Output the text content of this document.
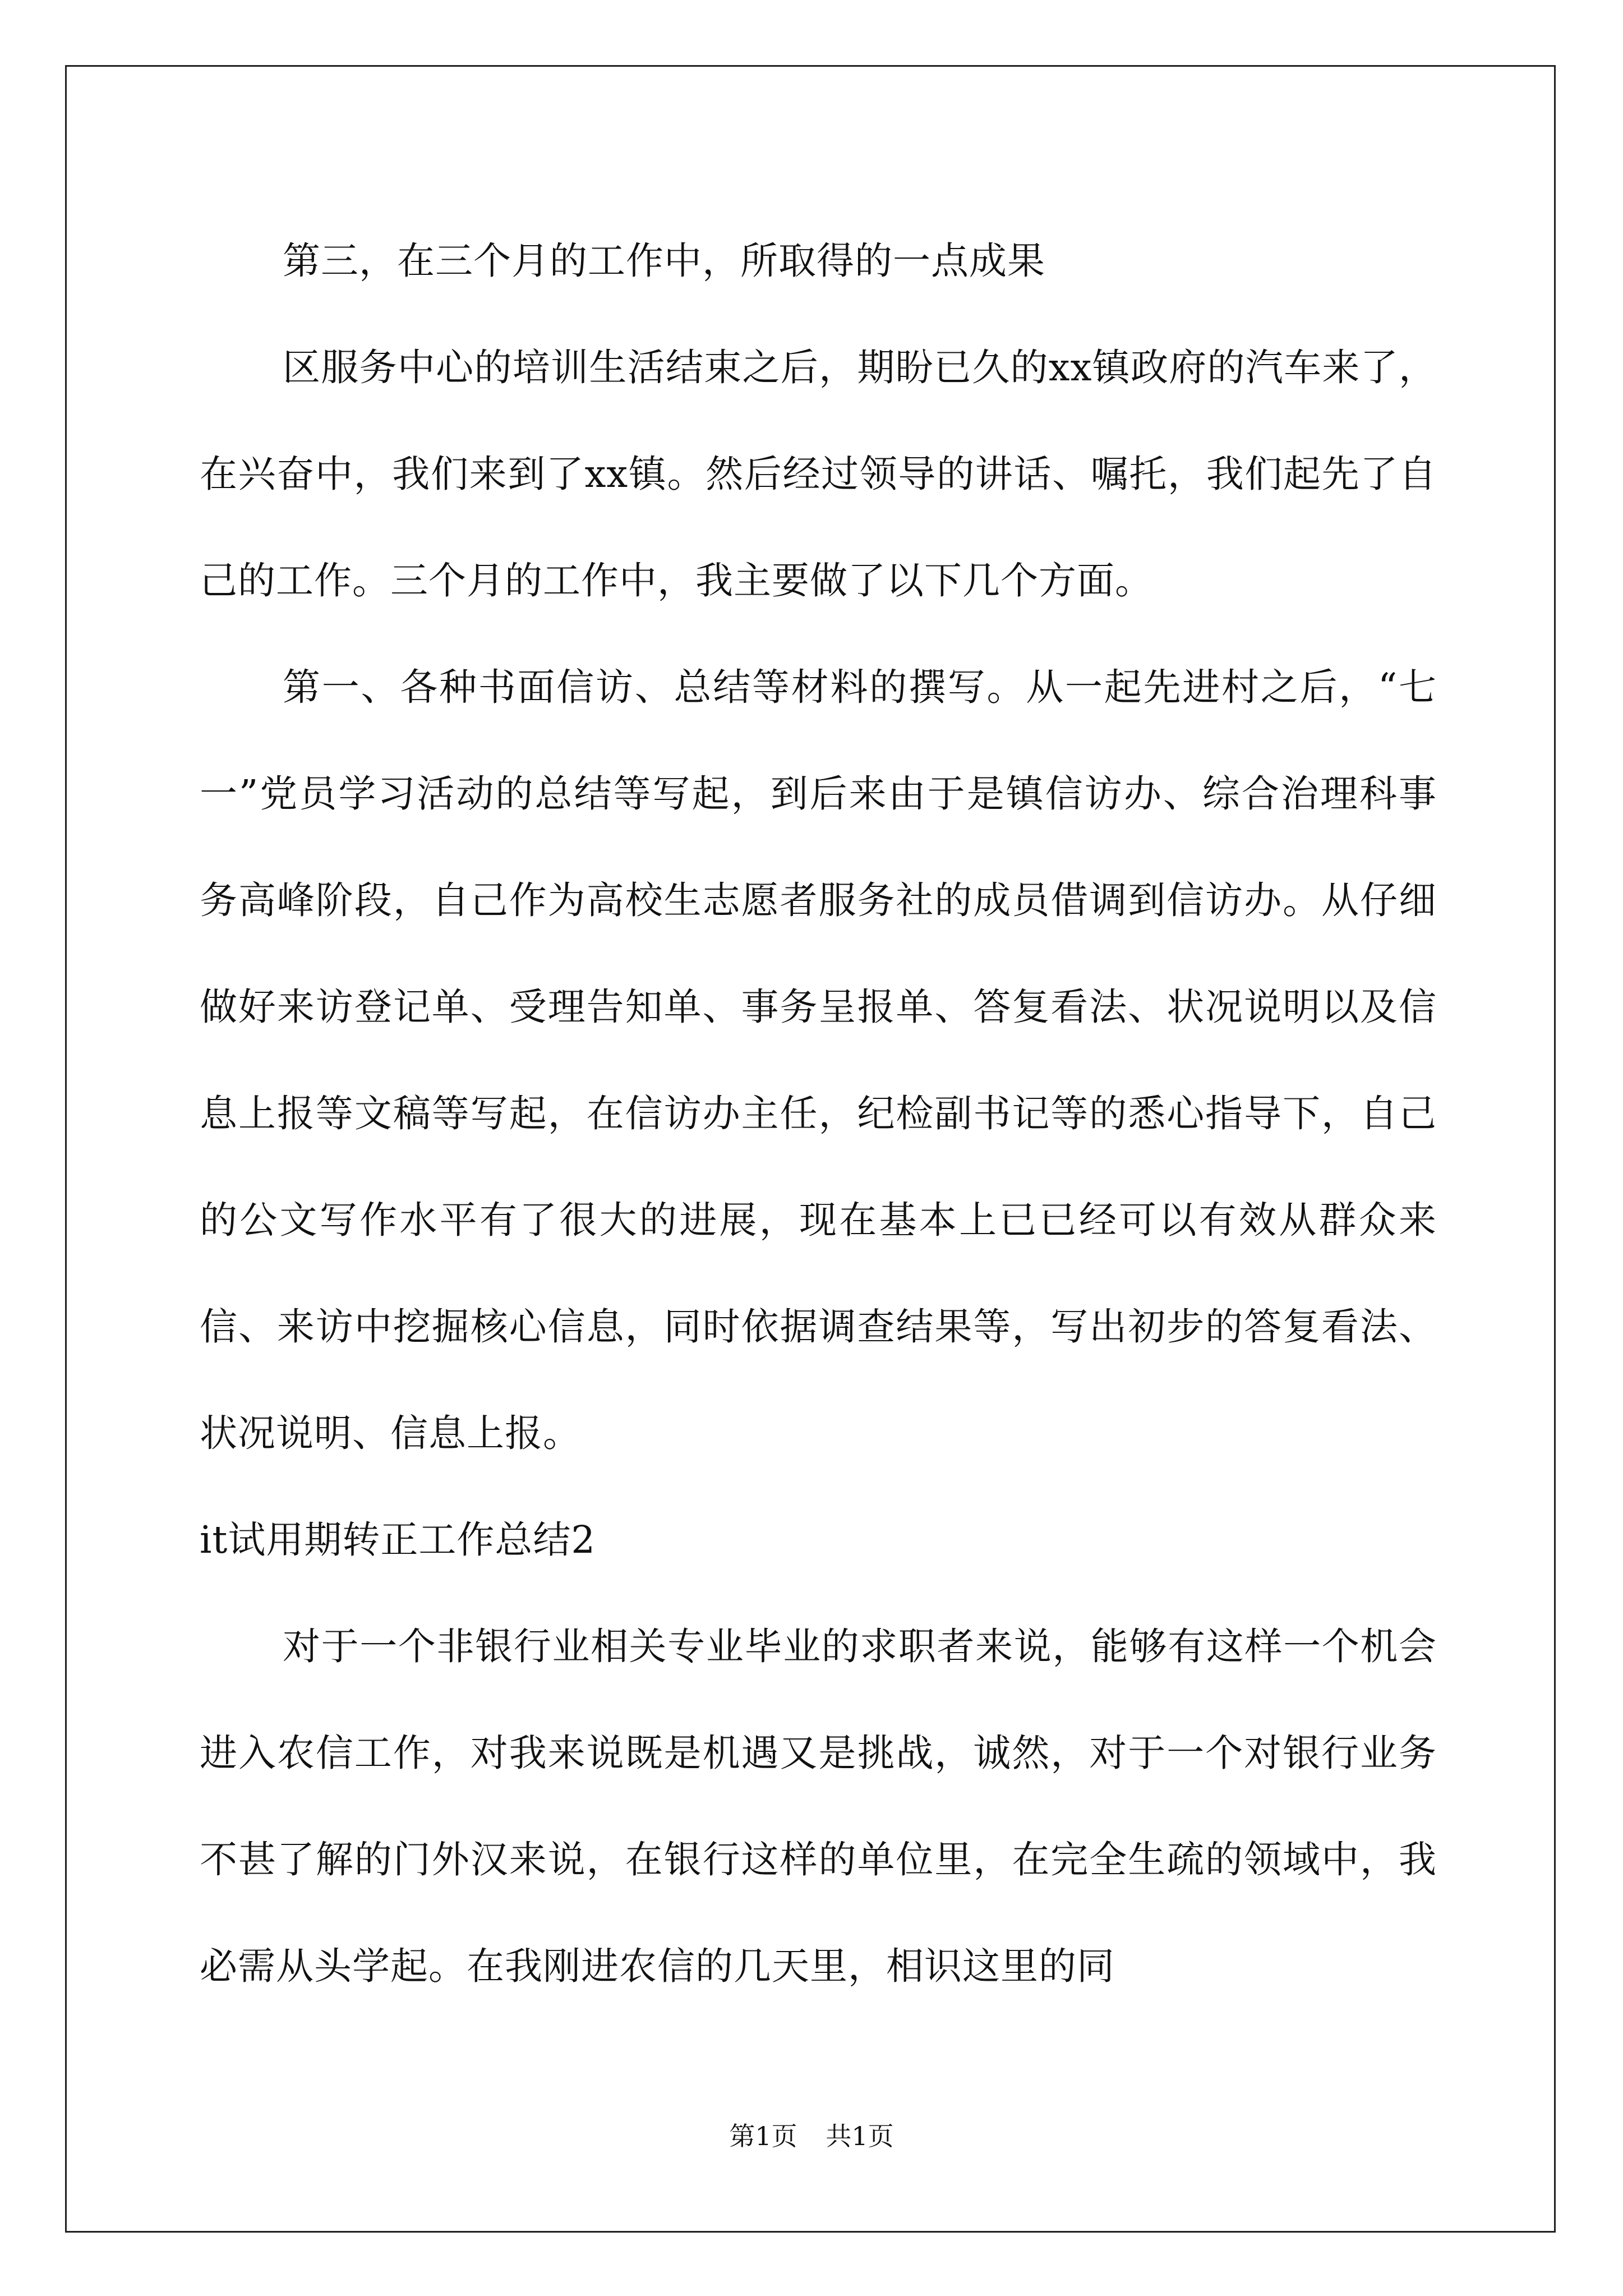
第三，在三个月的工作中，所取得的一点成果

区服务中心的培训生活结束之后，期盼已久的xx镇政府的汽车来了，在兴奋中，我们来到了xx镇。然后经过领导的讲话、嘱托，我们起先了自己的工作。三个月的工作中，我主要做了以下几个方面。

第一、各种书面信访、总结等材料的撰写。从一起先进村之后，“七一”党员学习活动的总结等写起，到后来由于是镇信访办、综合治理科事务高峰阶段，自己作为高校生志愿者服务社的成员借调到信访办。从仔细做好来访登记单、受理告知单、事务呈报单、答复看法、状况说明以及信息上报等文稿等写起，在信访办主任，纪检副书记等的悉心指导下，自己的公文写作水平有了很大的进展，现在基本上已已经可以有效从群众来信、来访中挖掘核心信息，同时依据调查结果等，写出初步的答复看法、状况说明、信息上报。

it试用期转正工作总结2

对于一个非银行业相关专业毕业的求职者来说，能够有这样一个机会进入农信工作，对我来说既是机遇又是挑战，诚然，对于一个对银行业务不甚了解的门外汉来说，在银行这样的单位里，在完全生疏的领域中，我必需从头学起。在我刚进农信的几天里，相识这里的同

第1页 共1页
